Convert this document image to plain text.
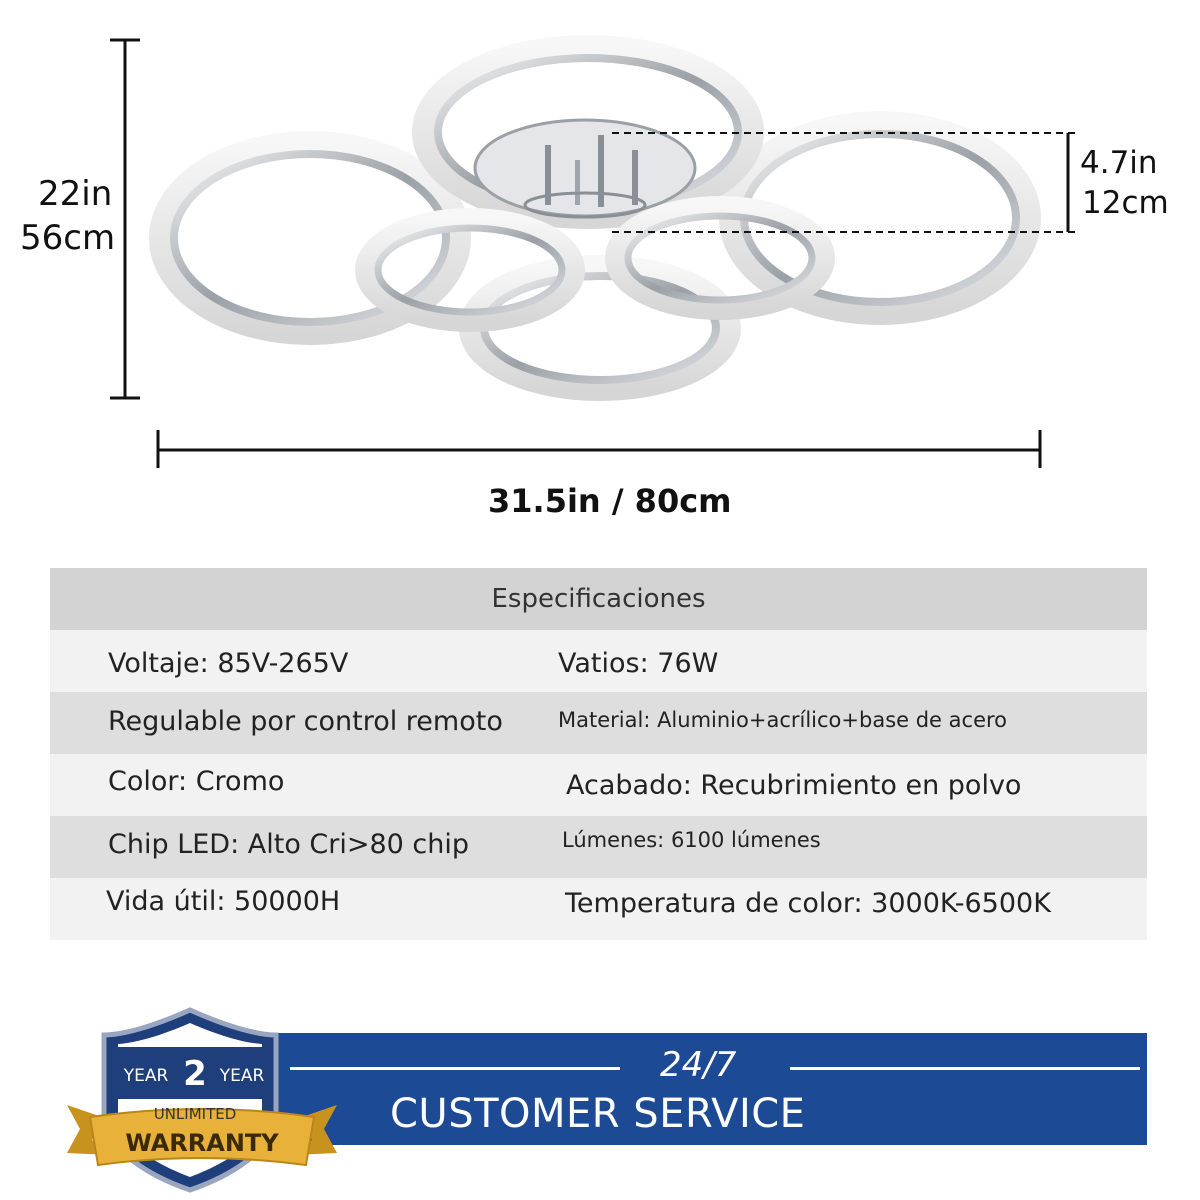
22in
56cm
4.7in
12cm
31.5in / 80cm
Especificaciones
Voltaje: 85V-265V	Vatios: 76W
Regulable por control remoto	Material: Aluminio+acrílico+base de acero
Color: Cromo	Acabado: Recubrimiento en polvo
Chip LED: Alto Cri>80 chip	Lúmenes: 6100 lúmenes
Vida útil: 50000H	Temperatura de color: 3000K-6500K
24/7
CUSTOMER SERVICE
YEAR 2 YEAR
UNLIMITED
WARRANTY
